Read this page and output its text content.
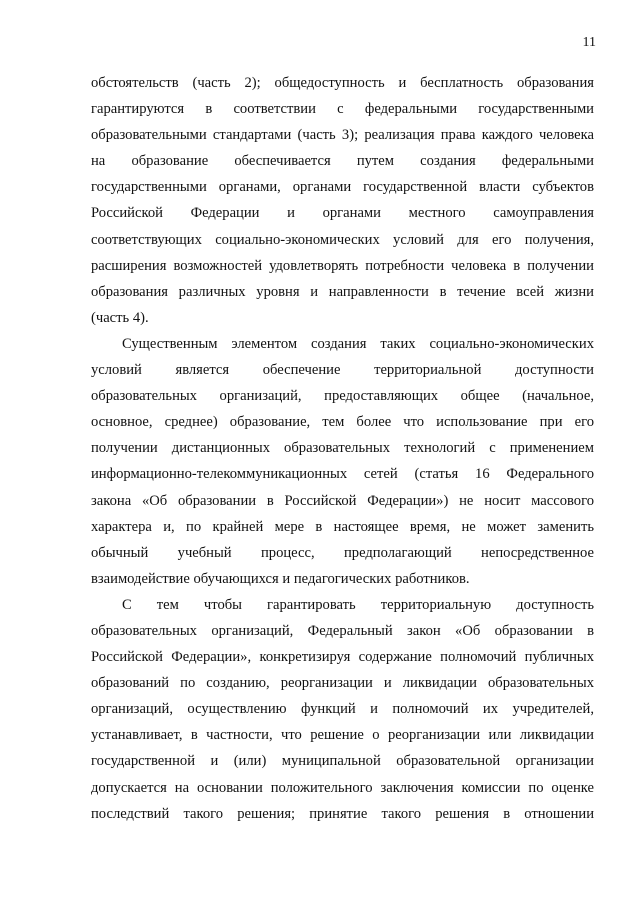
11
обстоятельств (часть 2); общедоступность и бесплатность образования
гарантируются в соответствии с федеральными государственными
образовательными стандартами (часть 3); реализация права каждого человека
на образование обеспечивается путем создания федеральными
государственными органами, органами государственной власти субъектов
Российской Федерации и органами местного самоуправления
соответствующих социально-экономических условий для его получения,
расширения возможностей удовлетворять потребности человека в получении
образования различных уровня и направленности в течение всей жизни
(часть 4).
Существенным элементом создания таких социально-экономических
условий является обеспечение территориальной доступности
образовательных организаций, предоставляющих общее (начальное,
основное, среднее) образование, тем более что использование при его
получении дистанционных образовательных технологий с применением
информационно-телекоммуникационных сетей (статья 16 Федерального
закона «Об образовании в Российской Федерации») не носит массового
характера и, по крайней мере в настоящее время, не может заменить
обычный учебный процесс, предполагающий непосредственное
взаимодействие обучающихся и педагогических работников.
С тем чтобы гарантировать территориальную доступность
образовательных организаций, Федеральный закон «Об образовании в
Российской Федерации», конкретизируя содержание полномочий публичных
образований по созданию, реорганизации и ликвидации образовательных
организаций, осуществлению функций и полномочий их учредителей,
устанавливает, в частности, что решение о реорганизации или ликвидации
государственной и (или) муниципальной образовательной организации
допускается на основании положительного заключения комиссии по оценке
последствий такого решения; принятие такого решения в отношении
